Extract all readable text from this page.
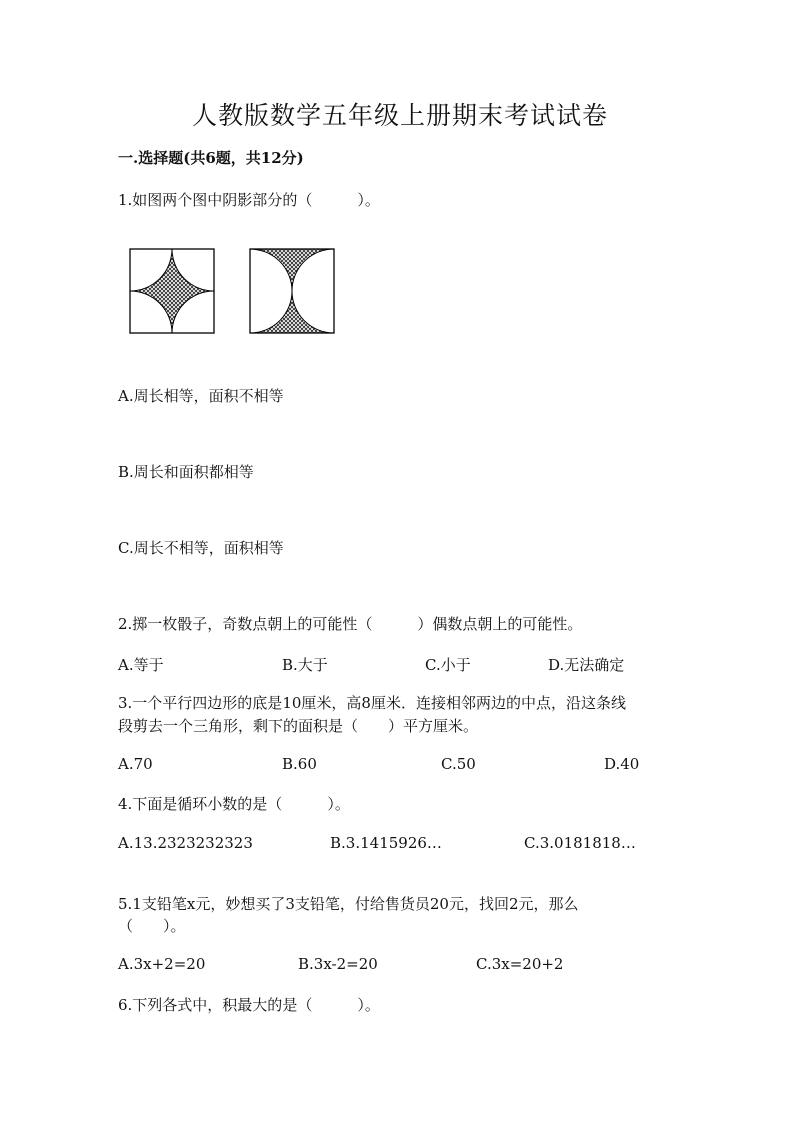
人教版数学五年级上册期末考试试卷
一.选择题(共6题，共12分)
1.如图两个图中阴影部分的（　　　）。
A.周长相等，面积不相等
B.周长和面积都相等
C.周长不相等，面积相等
2.掷一枚骰子，奇数点朝上的可能性（　　　）偶数点朝上的可能性。
A.等于	B.大于	C.小于	D.无法确定
3.一个平行四边形的底是10厘米，高8厘米．连接相邻两边的中点，沿这条线
段剪去一个三角形，剩下的面积是（　　）平方厘米。
A.70	B.60	C.50	D.40
4.下面是循环小数的是（　　　）。
A.13.2323232323	B.3.1415926…	C.3.0181818…
5.1支铅笔x元，妙想买了3支铅笔，付给售货员20元，找回2元，那么
（　　）。
A.3x+2=20	B.3x-2=20	C.3x=20+2
6.下列各式中，积最大的是（　　　）。
